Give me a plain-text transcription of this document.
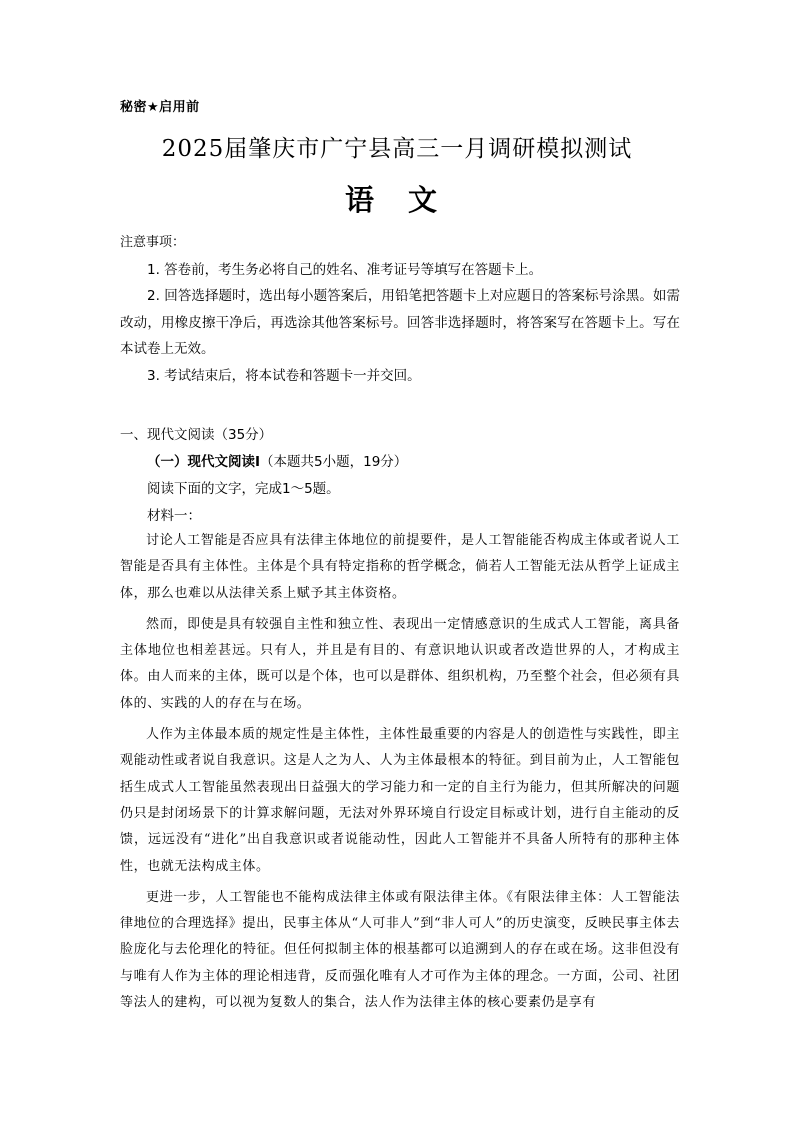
秘密★启用前
2025届肇庆市广宁县高三一月调研模拟测试
语 文
注意事项：
1. 答卷前，考生务必将自己的姓名、准考证号等填写在答题卡上。
2. 回答选择题时，选出每小题答案后，用铅笔把答题卡上对应题日的答案标号涂黑。如需改动，用橡皮擦干净后，再选涂其他答案标号。回答非选择题时，将答案写在答题卡上。写在本试卷上无效。
3. 考试结束后，将本试卷和答题卡一并交回。
一、现代文阅读（35分）
（一）现代文阅读Ⅰ（本题共5小题，19分）
阅读下面的文字，完成1～5题。
材料一：

讨论人工智能是否应具有法律主体地位的前提要件，是人工智能能否构成主体或者说人工智能是否具有主体性。主体是个具有特定指称的哲学概念，倘若人工智能无法从哲学上证成主体，那么也难以从法律关系上赋予其主体资格。

然而，即使是具有较强自主性和独立性、表现出一定情感意识的生成式人工智能，离具备主体地位也相差甚远。只有人，并且是有目的、有意识地认识或者改造世界的人，才构成主体。由人而来的主体，既可以是个体，也可以是群体、组织机构，乃至整个社会，但必须有具体的、实践的人的存在与在场。

人作为主体最本质的规定性是主体性，主体性最重要的内容是人的创造性与实践性，即主观能动性或者说自我意识。这是人之为人、人为主体最根本的特征。到目前为止，人工智能包括生成式人工智能虽然表现出日益强大的学习能力和一定的自主行为能力，但其所解决的问题仍只是封闭场景下的计算求解问题，无法对外界环境自行设定目标或计划，进行自主能动的反馈，远远没有“进化”出自我意识或者说能动性，因此人工智能并不具备人所特有的那种主体性，也就无法构成主体。

更进一步，人工智能也不能构成法律主体或有限法律主体。《有限法律主体：人工智能法律地位的合理选择》提出，民事主体从“人可非人”到“非人可人”的历史演变，反映民事主体去脸庞化与去伦理化的特征。但任何拟制主体的根基都可以追溯到人的存在或在场。这非但没有与唯有人作为主体的理论相违背，反而强化唯有人才可作为主体的理念。一方面，公司、社团等法人的建构，可以视为复数人的集合，法人作为法律主体的核心要素仍是享有
